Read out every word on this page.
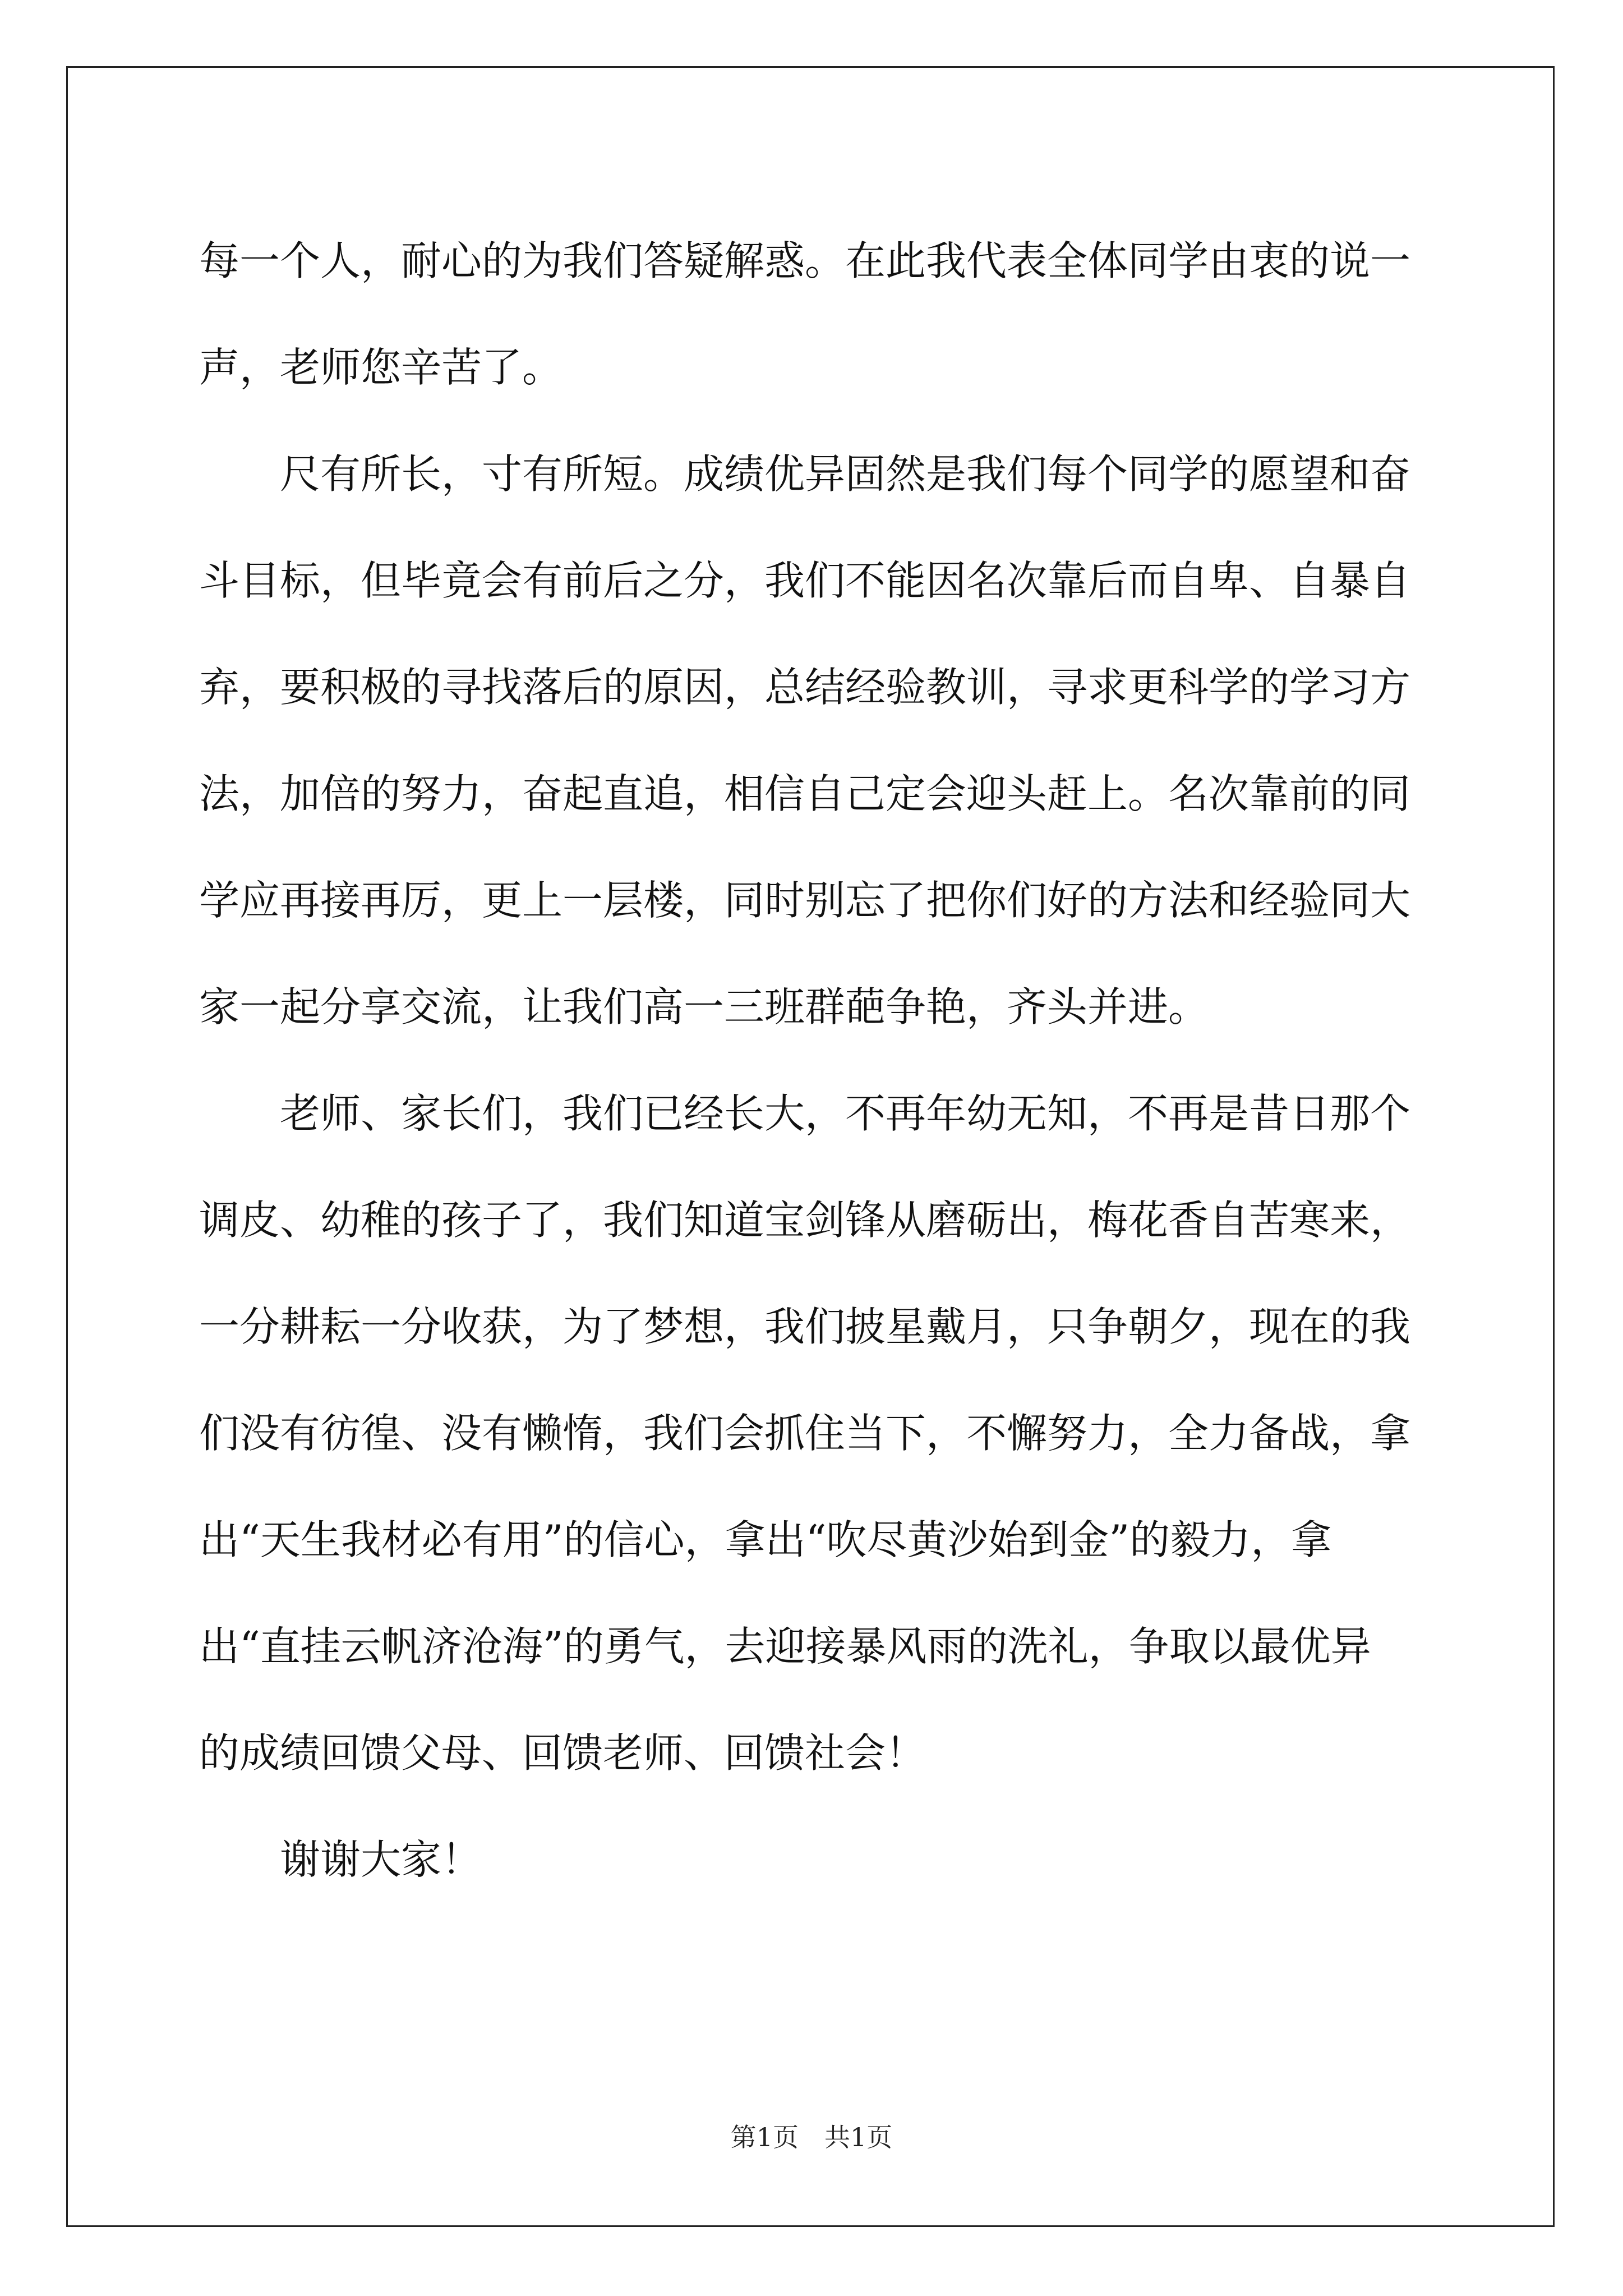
每一个人，耐心的为我们答疑解惑。在此我代表全体同学由衷的说一
声，老师您辛苦了。
　　尺有所长，寸有所短。成绩优异固然是我们每个同学的愿望和奋
斗目标，但毕竟会有前后之分，我们不能因名次靠后而自卑、自暴自
弃，要积极的寻找落后的原因，总结经验教训，寻求更科学的学习方
法，加倍的努力，奋起直追，相信自己定会迎头赶上。名次靠前的同
学应再接再厉，更上一层楼，同时别忘了把你们好的方法和经验同大
家一起分享交流，让我们高一三班群葩争艳，齐头并进。
　　老师、家长们，我们已经长大，不再年幼无知，不再是昔日那个
调皮、幼稚的孩子了，我们知道宝剑锋从磨砺出，梅花香自苦寒来，
一分耕耘一分收获，为了梦想，我们披星戴月，只争朝夕，现在的我
们没有彷徨、没有懒惰，我们会抓住当下，不懈努力，全力备战，拿
出“天生我材必有用”的信心，拿出“吹尽黄沙始到金”的毅力，拿
出“直挂云帆济沧海”的勇气，去迎接暴风雨的洗礼，争取以最优异
的成绩回馈父母、回馈老师、回馈社会！
　　谢谢大家！
第1页　共1页
